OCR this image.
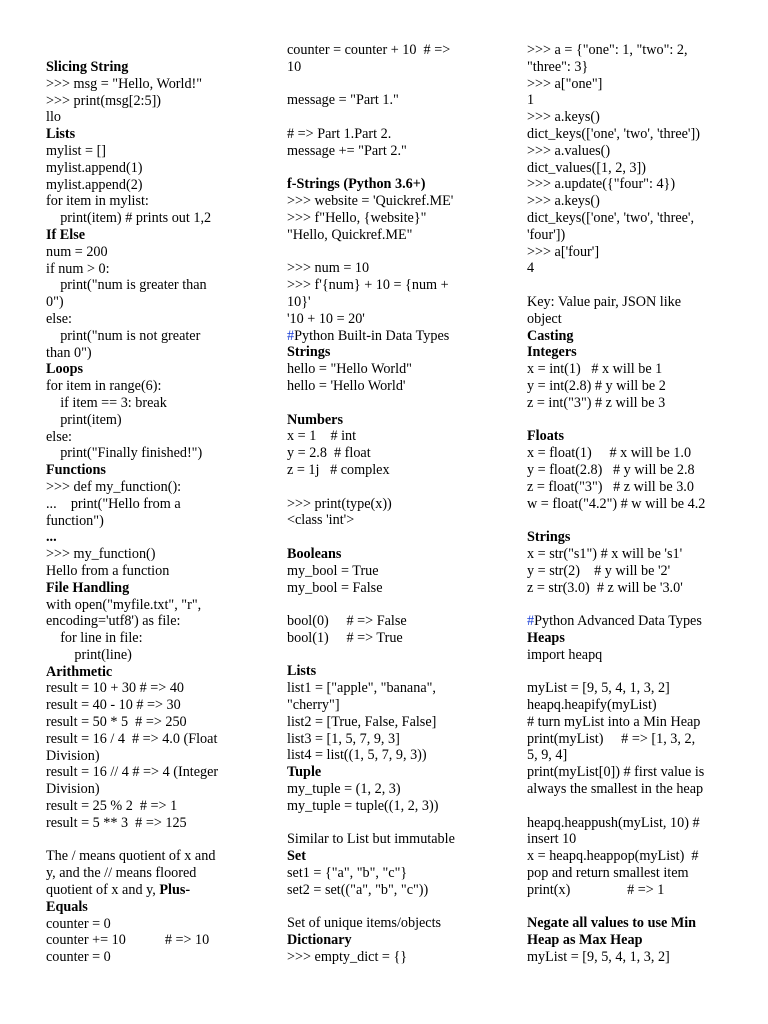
Slicing String
>>> msg = "Hello, World!"
>>> print(msg[2:5])
llo
Lists
mylist = []
mylist.append(1)
mylist.append(2)
for item in mylist:
print(item) # prints out 1,2
If Else
num = 200
if num > 0:
print("num is greater than
0")
else:
print("num is not greater
than 0")
Loops
for item in range(6):
if item == 3: break
print(item)
else:
print("Finally finished!")
Functions
>>> def my_function():
...    print("Hello from a
function")
...
>>> my_function()
Hello from a function
File Handling
with open("myfile.txt", "r",
encoding='utf8') as file:
for line in file:
print(line)
Arithmetic
result = 10 + 30 # => 40
result = 40 - 10 # => 30
result = 50 * 5  # => 250
result = 16 / 4  # => 4.0 (Float
Division)
result = 16 // 4 # => 4 (Integer
Division)
result = 25 % 2  # => 1
result = 5 ** 3  # => 125
The / means quotient of x and
y, and the // means floored
quotient of x and y, Plus-
Equals
counter = 0
counter += 10           # => 10
counter = 0
counter = counter + 10  # =>
10
message = "Part 1."
# => Part 1.Part 2.
message += "Part 2."
f-Strings (Python 3.6+)
>>> website = 'Quickref.ME'
>>> f"Hello, {website}"
"Hello, Quickref.ME"
>>> num = 10
>>> f'{num} + 10 = {num +
10}'
'10 + 10 = 20'
#Python Built-in Data Types
Strings
hello = "Hello World"
hello = 'Hello World'
Numbers
x = 1    # int
y = 2.8  # float
z = 1j   # complex
>>> print(type(x))
<class 'int'>
Booleans
my_bool = True
my_bool = False
bool(0)     # => False
bool(1)     # => True
Lists
list1 = ["apple", "banana",
"cherry"]
list2 = [True, False, False]
list3 = [1, 5, 7, 9, 3]
list4 = list((1, 5, 7, 9, 3))
Tuple
my_tuple = (1, 2, 3)
my_tuple = tuple((1, 2, 3))
Similar to List but immutable
Set
set1 = {"a", "b", "c"}
set2 = set(("a", "b", "c"))
Set of unique items/objects
Dictionary
>>> empty_dict = {}
>>> a = {"one": 1, "two": 2,
"three": 3}
>>> a["one"]
1
>>> a.keys()
dict_keys(['one', 'two', 'three'])
>>> a.values()
dict_values([1, 2, 3])
>>> a.update({"four": 4})
>>> a.keys()
dict_keys(['one', 'two', 'three',
'four'])
>>> a['four']
4
Key: Value pair, JSON like
object
Casting
Integers
x = int(1)   # x will be 1
y = int(2.8) # y will be 2
z = int("3") # z will be 3
Floats
x = float(1)     # x will be 1.0
y = float(2.8)   # y will be 2.8
z = float("3")   # z will be 3.0
w = float("4.2") # w will be 4.2
Strings
x = str("s1") # x will be 's1'
y = str(2)    # y will be '2'
z = str(3.0)  # z will be '3.0'
#Python Advanced Data Types
Heaps
import heapq
myList = [9, 5, 4, 1, 3, 2]
heapq.heapify(myList)
# turn myList into a Min Heap
print(myList)     # => [1, 3, 2,
5, 9, 4]
print(myList[0]) # first value is
always the smallest in the heap
heapq.heappush(myList, 10) #
insert 10
x = heapq.heappop(myList)  #
pop and return smallest item
print(x)                # => 1
Negate all values to use Min
Heap as Max Heap
myList = [9, 5, 4, 1, 3, 2]
